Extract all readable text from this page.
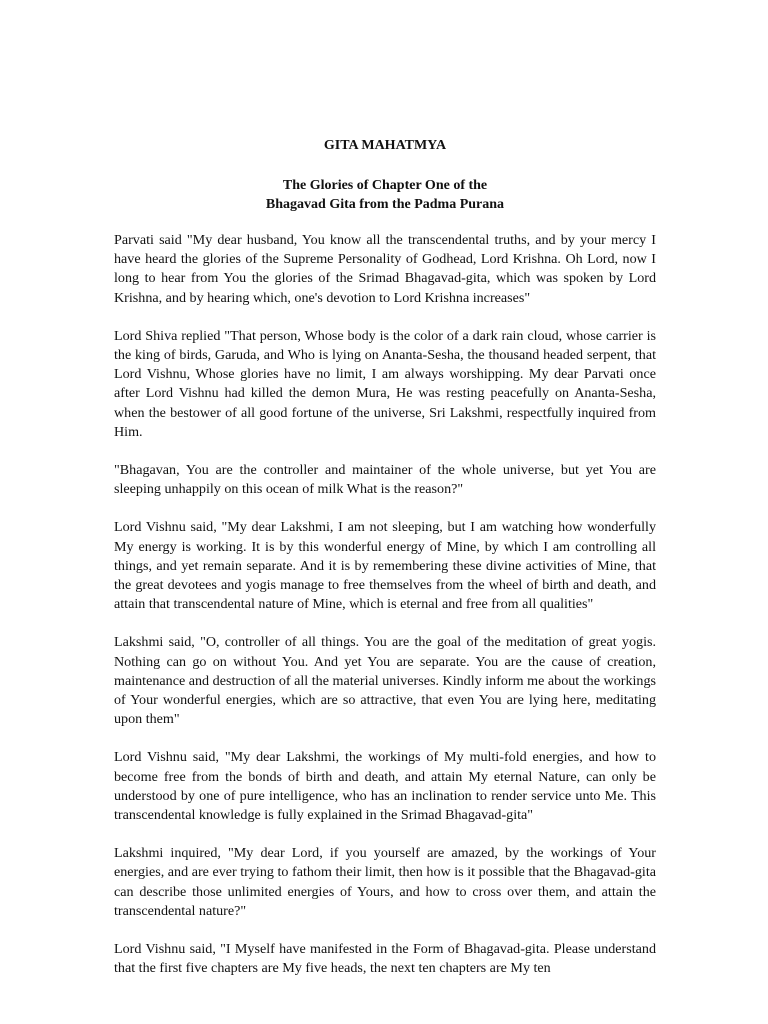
GITA MAHATMYA
The Glories of Chapter One of the
Bhagavad Gita from the Padma Purana

Parvati said "My dear husband, You know all the transcendental truths, and by your mercy I have heard the glories of the Supreme Personality of Godhead, Lord Krishna. Oh Lord, now I long to hear from You the glories of the Srimad Bhagavad-gita, which was spoken by Lord Krishna, and by hearing which, one's devotion to Lord Krishna increases"

Lord Shiva replied "That person, Whose body is the color of a dark rain cloud, whose carrier is the king of birds, Garuda, and Who is lying on Ananta-Sesha, the thousand headed serpent, that Lord Vishnu, Whose glories have no limit, I am always worshipping. My dear Parvati once after Lord Vishnu had killed the demon Mura, He was resting peacefully on Ananta-Sesha, when the bestower of all good fortune of the universe, Sri Lakshmi, respectfully inquired from Him.

"Bhagavan, You are the controller and maintainer of the whole universe, but yet You are sleeping unhappily on this ocean of milk What is the reason?"

Lord Vishnu said, "My dear Lakshmi, I am not sleeping, but I am watching how wonderfully My energy is working. It is by this wonderful energy of Mine, by which I am controlling all things, and yet remain separate. And it is by remembering these divine activities of Mine, that the great devotees and yogis manage to free themselves from the wheel of birth and death, and attain that transcendental nature of Mine, which is eternal and free from all qualities"

Lakshmi said, "O, controller of all things. You are the goal of the meditation of great yogis. Nothing can go on without You. And yet You are separate. You are the cause of creation, maintenance and destruction of all the material universes. Kindly inform me about the workings of Your wonderful energies, which are so attractive, that even You are lying here, meditating upon them"

Lord Vishnu said, "My dear Lakshmi, the workings of My multi-fold energies, and how to become free from the bonds of birth and death, and attain My eternal Nature, can only be understood by one of pure intelligence, who has an inclination to render service unto Me. This transcendental knowledge is fully explained in the Srimad Bhagavad-gita"

Lakshmi inquired, "My dear Lord, if you yourself are amazed, by the workings of Your energies, and are ever trying to fathom their limit, then how is it possible that the Bhagavad-gita can describe those unlimited energies of Yours, and how to cross over them, and attain the transcendental nature?"

Lord Vishnu said, "I Myself have manifested in the Form of Bhagavad-gita. Please understand that the first five chapters are My five heads, the next ten chapters are My ten
